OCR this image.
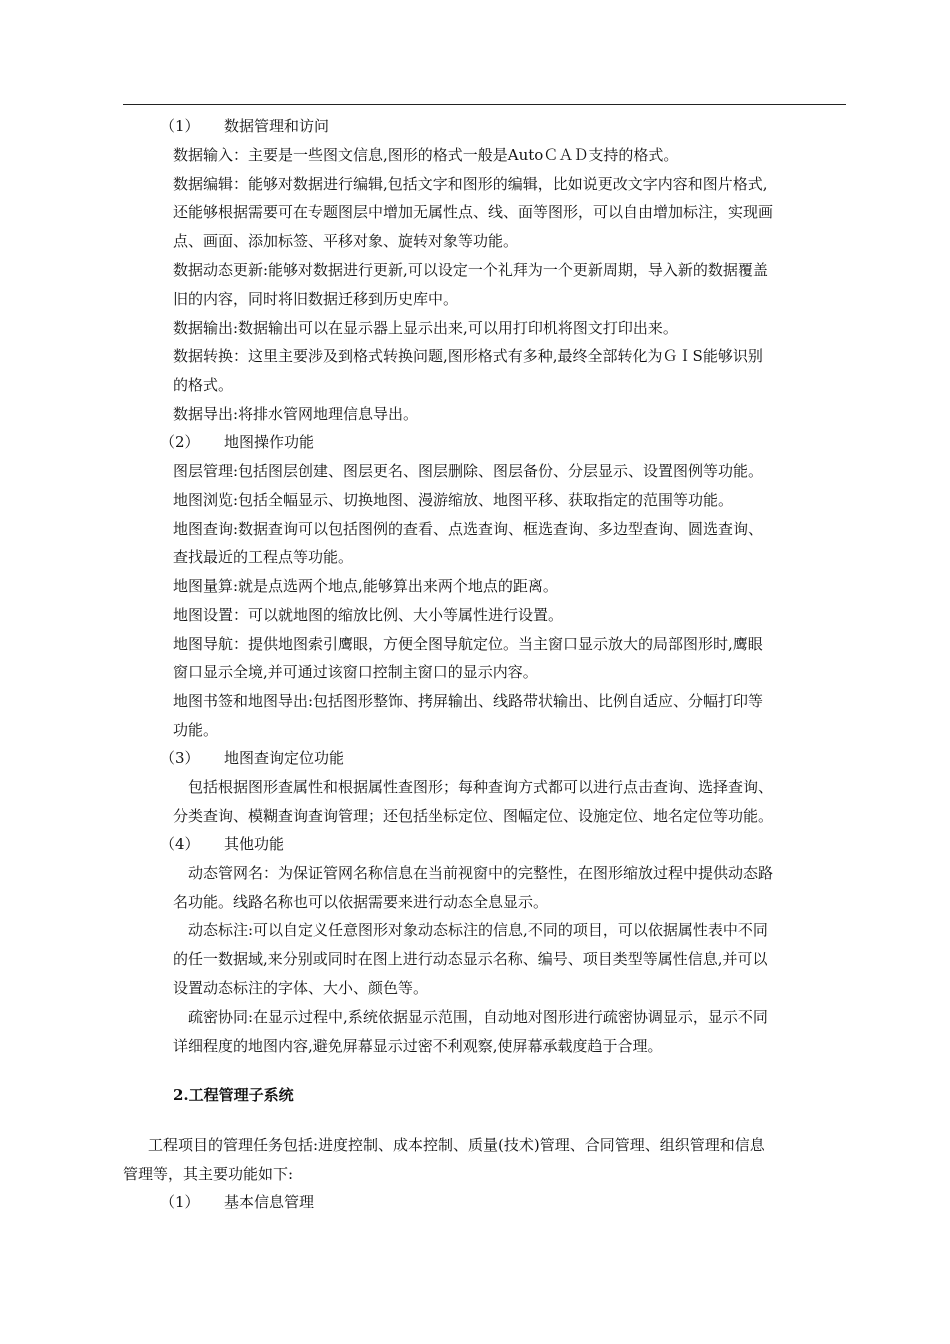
（1） 数据管理和访问
数据输入：主要是一些图文信息,图形的格式一般是AutoＣＡＤ支持的格式。
数据编辑：能够对数据进行编辑,包括文字和图形的编辑，比如说更改文字内容和图片格式,
还能够根据需要可在专题图层中增加无属性点、线、面等图形，可以自由增加标注，实现画
点、画面、添加标签、平移对象、旋转对象等功能。
数据动态更新:能够对数据进行更新,可以设定一个礼拜为一个更新周期，导入新的数据覆盖
旧的内容，同时将旧数据迁移到历史库中。
数据输出:数据输出可以在显示器上显示出来,可以用打印机将图文打印出来。
数据转换：这里主要涉及到格式转换问题,图形格式有多种,最终全部转化为ＧＩS能够识别
的格式。
数据导出:将排水管网地理信息导出。
（2） 地图操作功能
图层管理:包括图层创建、图层更名、图层删除、图层备份、分层显示、设置图例等功能。
地图浏览:包括全幅显示、切换地图、漫游缩放、地图平移、获取指定的范围等功能。
地图查询:数据查询可以包括图例的查看、点选查询、框选查询、多边型查询、圆选查询、
查找最近的工程点等功能。
地图量算:就是点选两个地点,能够算出来两个地点的距离。
地图设置：可以就地图的缩放比例、大小等属性进行设置。
地图导航：提供地图索引鹰眼，方便全图导航定位。当主窗口显示放大的局部图形时,鹰眼
窗口显示全境,并可通过该窗口控制主窗口的显示内容。
地图书签和地图导出:包括图形整饰、拷屏输出、线路带状输出、比例自适应、分幅打印等
功能。
（3） 地图查询定位功能
包括根据图形查属性和根据属性查图形；每种查询方式都可以进行点击查询、选择查询、
分类查询、模糊查询查询管理；还包括坐标定位、图幅定位、设施定位、地名定位等功能。
（4） 其他功能
动态管网名：为保证管网名称信息在当前视窗中的完整性，在图形缩放过程中提供动态路
名功能。线路名称也可以依据需要来进行动态全息显示。
动态标注:可以自定义任意图形对象动态标注的信息,不同的项目，可以依据属性表中不同
的任一数据域,来分别或同时在图上进行动态显示名称、编号、项目类型等属性信息,并可以
设置动态标注的字体、大小、颜色等。
疏密协同:在显示过程中,系统依据显示范围，自动地对图形进行疏密协调显示，显示不同
详细程度的地图内容,避免屏幕显示过密不利观察,使屏幕承载度趋于合理。
2.工程管理子系统
工程项目的管理任务包括:进度控制、成本控制、质量(技术)管理、合同管理、组织管理和信息
管理等，其主要功能如下:
（1） 基本信息管理
